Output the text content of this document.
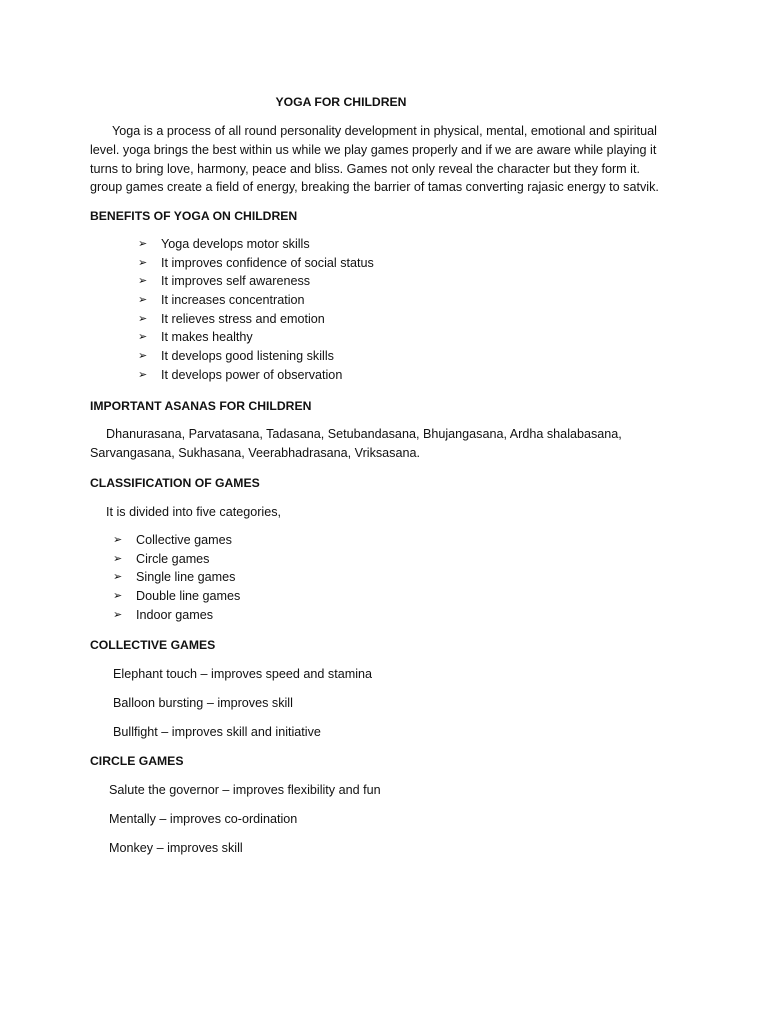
YOGA FOR CHILDREN
Yoga is a process of all round personality development in physical, mental, emotional and spiritual
level. yoga brings the best within us while we play games properly and if we are aware while playing it
turns to bring love, harmony, peace and bliss. Games not only reveal the character but they form it.
group games create a field of energy, breaking the barrier of tamas converting rajasic energy to satvik.
BENEFITS OF YOGA ON CHILDREN
➢ Yoga develops motor skills
➢ It improves confidence of social status
➢ It improves self awareness
➢ It increases concentration
➢ It relieves stress and emotion
➢ It makes healthy
➢ It develops good listening skills
➢ It develops power of observation
IMPORTANT ASANAS FOR CHILDREN
Dhanurasana, Parvatasana, Tadasana, Setubandasana, Bhujangasana, Ardha shalabasana,
Sarvangasana, Sukhasana, Veerabhadrasana, Vriksasana.
CLASSIFICATION OF GAMES
It is divided into five categories,
➢ Collective games
➢ Circle games
➢ Single line games
➢ Double line games
➢ Indoor games
COLLECTIVE GAMES
Elephant touch – improves speed and stamina
Balloon bursting – improves skill
Bullfight – improves skill and initiative
CIRCLE GAMES
Salute the governor – improves flexibility and fun
Mentally – improves co-ordination
Monkey – improves skill
